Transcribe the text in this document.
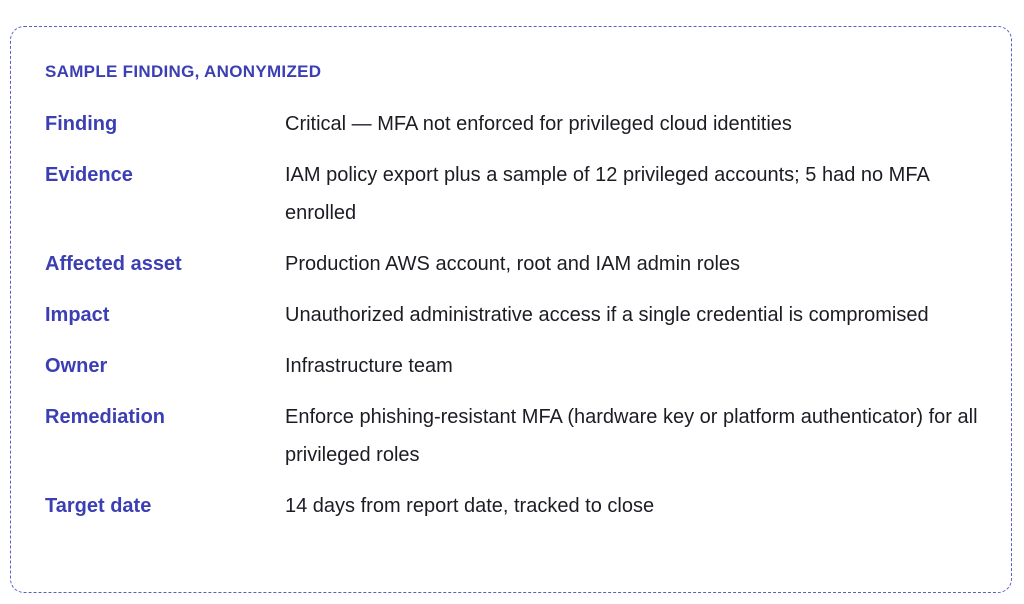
SAMPLE FINDING, ANONYMIZED
Finding	Critical — MFA not enforced for privileged cloud identities
Evidence	IAM policy export plus a sample of 12 privileged accounts; 5 had no MFA enrolled
Affected asset	Production AWS account, root and IAM admin roles
Impact	Unauthorized administrative access if a single credential is compromised
Owner	Infrastructure team
Remediation	Enforce phishing-resistant MFA (hardware key or platform authenticator) for all privileged roles
Target date	14 days from report date, tracked to close
